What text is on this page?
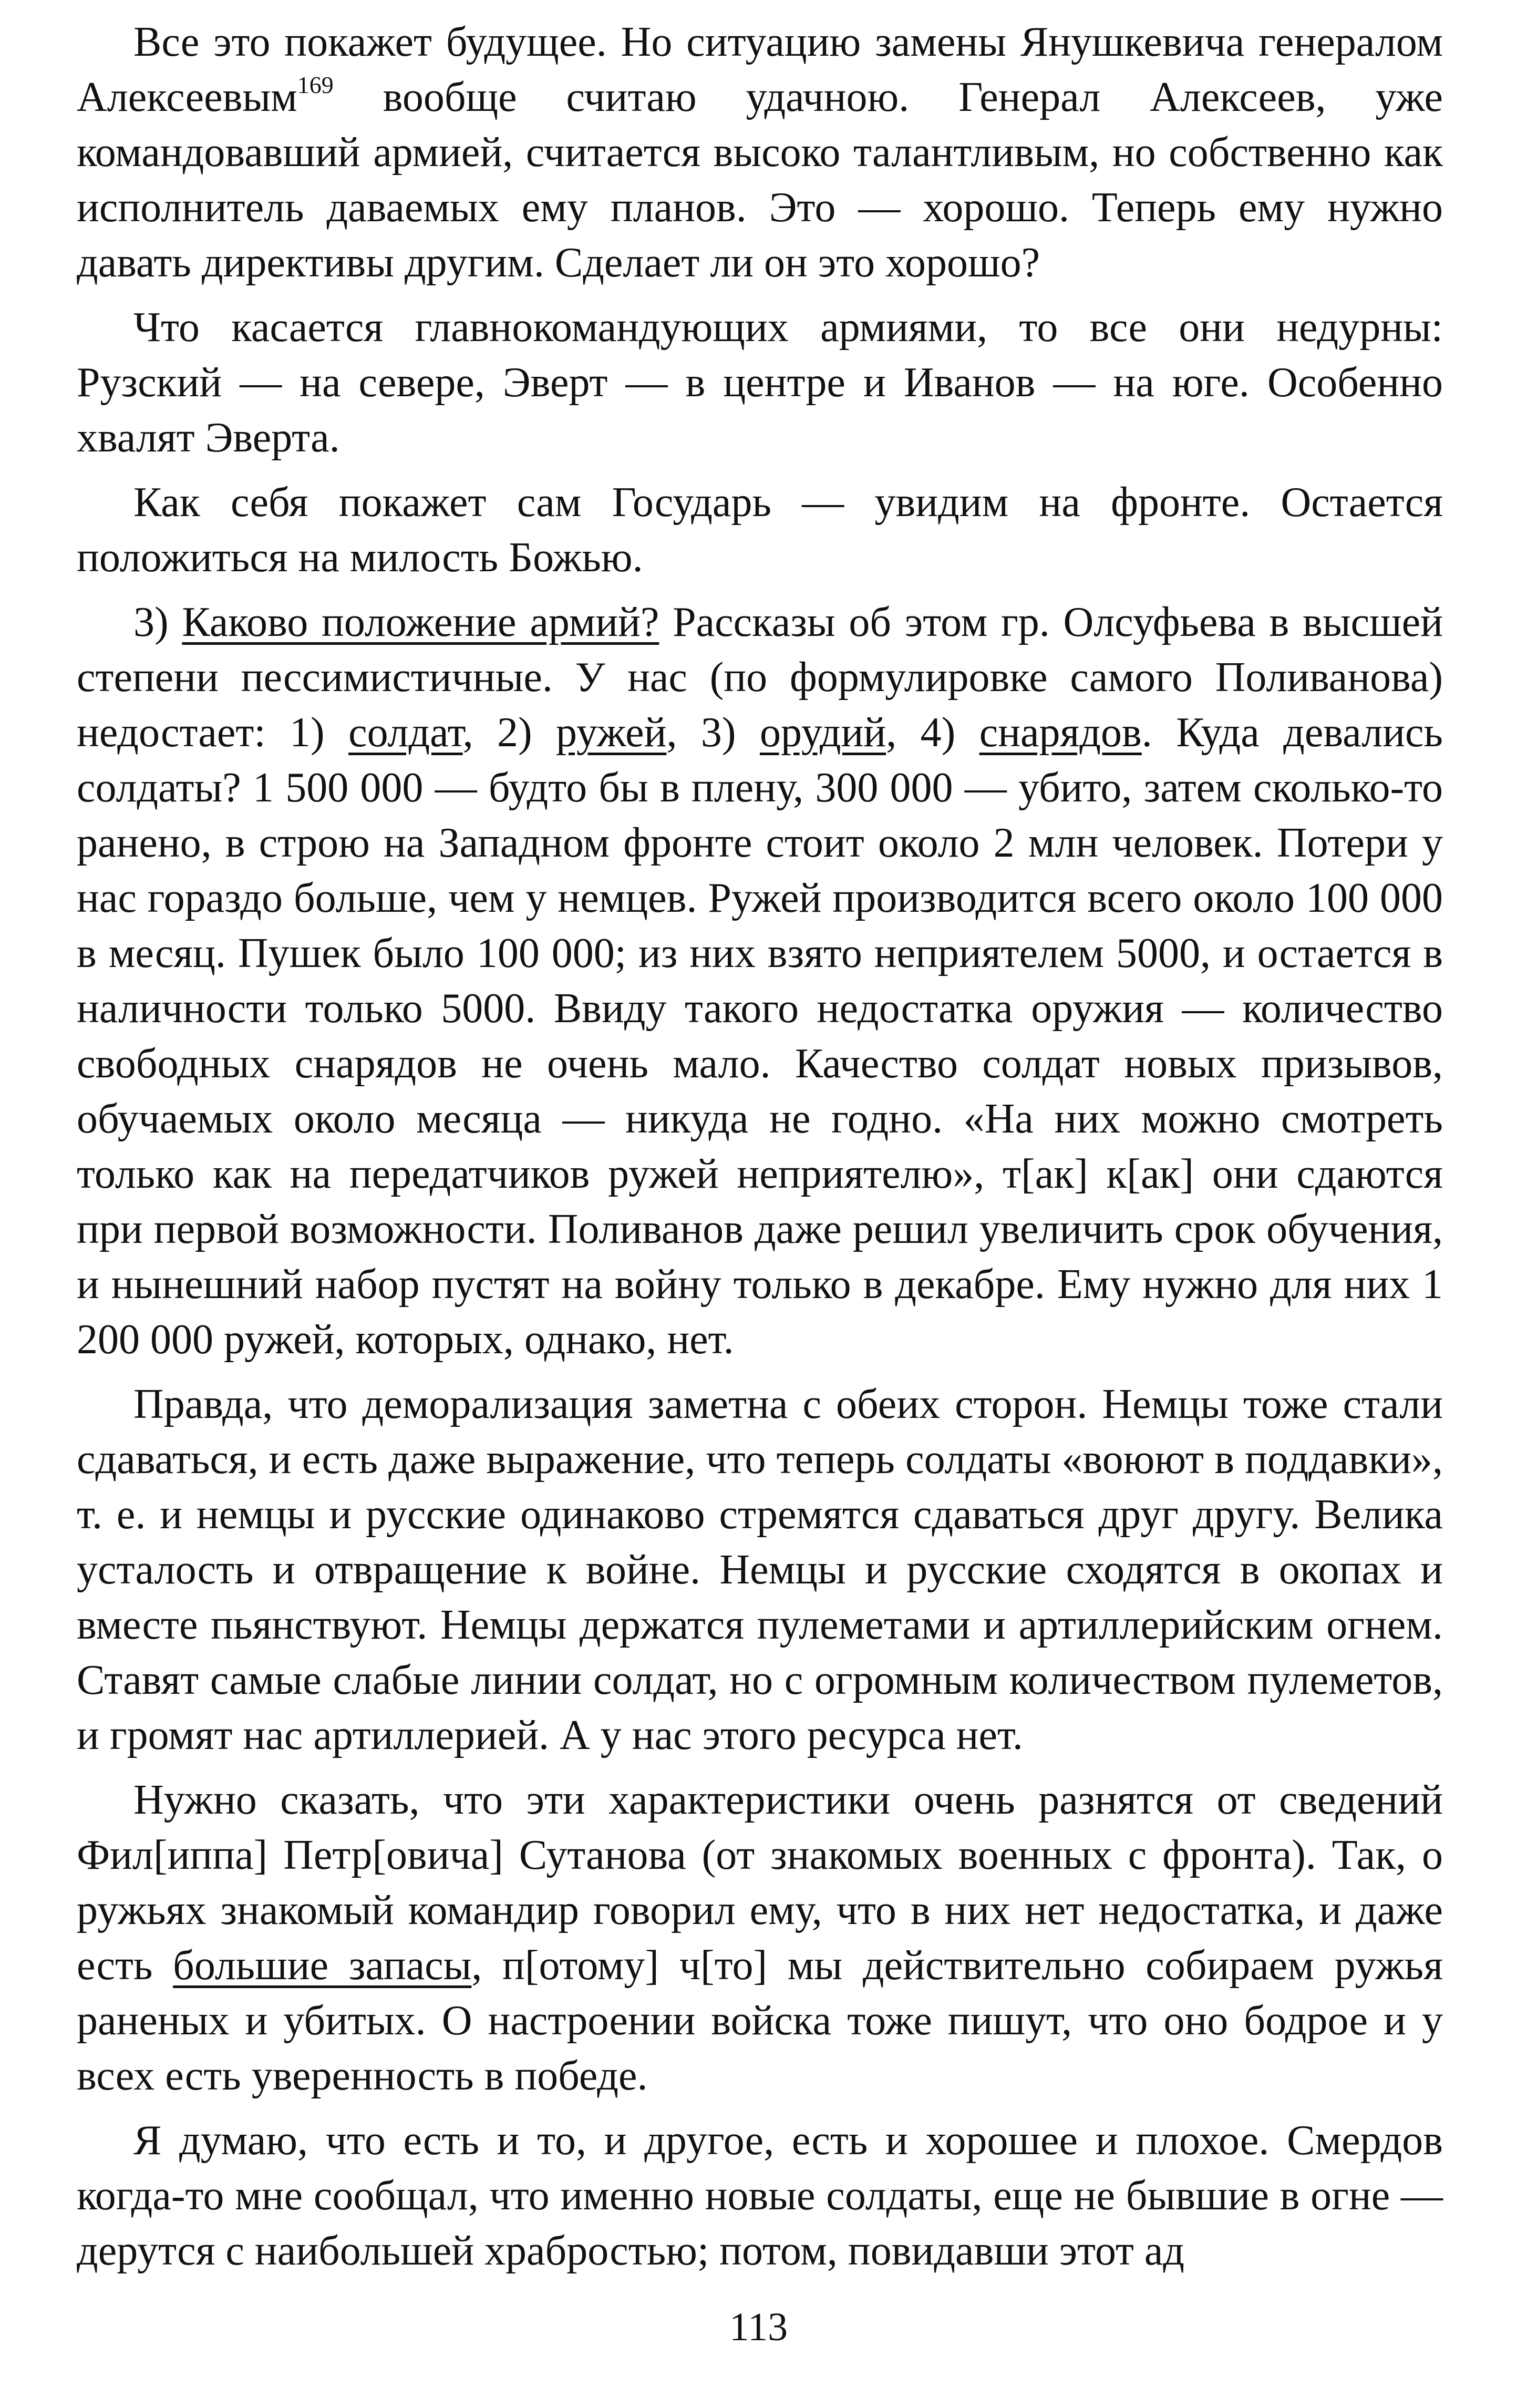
Все это покажет будущее. Но ситуацию замены Янушкевича генералом Алексеевым$^{169}$ вообще считаю удачною. Генерал Алексеев, уже командовавший армией, считается высоко талантливым, но собственно как исполнитель даваемых ему планов. Это — хорошо. Теперь ему нужно давать директивы другим. Сделает ли он это хорошо?

Что касается главнокомандующих армиями, то все они недурны: Рузский — на севере, Эверт — в центре и Иванов — на юге. Особенно хвалят Эверта.

Как себя покажет сам Государь — увидим на фронте. Остается положиться на милость Божью.

3) Каково положение армий? Рассказы об этом гр. Олсуфьева в высшей степени пессимистичные. У нас (по формулировке самого Поливанова) недостает: 1) солдат, 2) ружей, 3) орудий, 4) снарядов. Куда девались солдаты? 1 500 000 — будто бы в плену, 300 000 — убито, затем сколько-то ранено, в строю на Западном фронте стоит около 2 млн человек. Потери у нас гораздо больше, чем у немцев. Ружей производится всего около 100 000 в месяц. Пушек было 100 000; из них взято неприятелем 5000, и остается в наличности только 5000. Ввиду такого недостатка оружия — количество свободных снарядов не очень мало. Качество солдат новых призывов, обучаемых около месяца — никуда не годно. «На них можно смотреть только как на передатчиков ружей неприятелю», т[ак] к[ак] они сдаются при первой возможности. Поливанов даже решил увеличить срок обучения, и нынешний набор пустят на войну только в декабре. Ему нужно для них 1 200 000 ружей, которых, однако, нет.

Правда, что деморализация заметна с обеих сторон. Немцы тоже стали сдаваться, и есть даже выражение, что теперь солдаты «воюют в поддавки», т. е. и немцы и русские одинаково стремятся сдаваться друг другу. Велика усталость и отвращение к войне. Немцы и русские сходятся в окопах и вместе пьянствуют. Немцы держатся пулеметами и артиллерийским огнем. Ставят самые слабые линии солдат, но с огромным количеством пулеметов, и громят нас артиллерией. А у нас этого ресурса нет.

Нужно сказать, что эти характеристики очень разнятся от сведений Фил[иппа] Петр[овича] Сутанова (от знакомых военных с фронта). Так, о ружьях знакомый командир говорил ему, что в них нет недостатка, и даже есть большие запасы, п[отому] ч[то] мы действительно собираем ружья раненых и убитых. О настроении войска тоже пишут, что оно бодрое и у всех есть уверенность в победе.

Я думаю, что есть и то, и другое, есть и хорошее и плохое. Смердов когда-то мне сообщал, что именно новые солдаты, еще не бывшие в огне — дерутся с наибольшей храбростью; потом, повидавши этот ад

113
